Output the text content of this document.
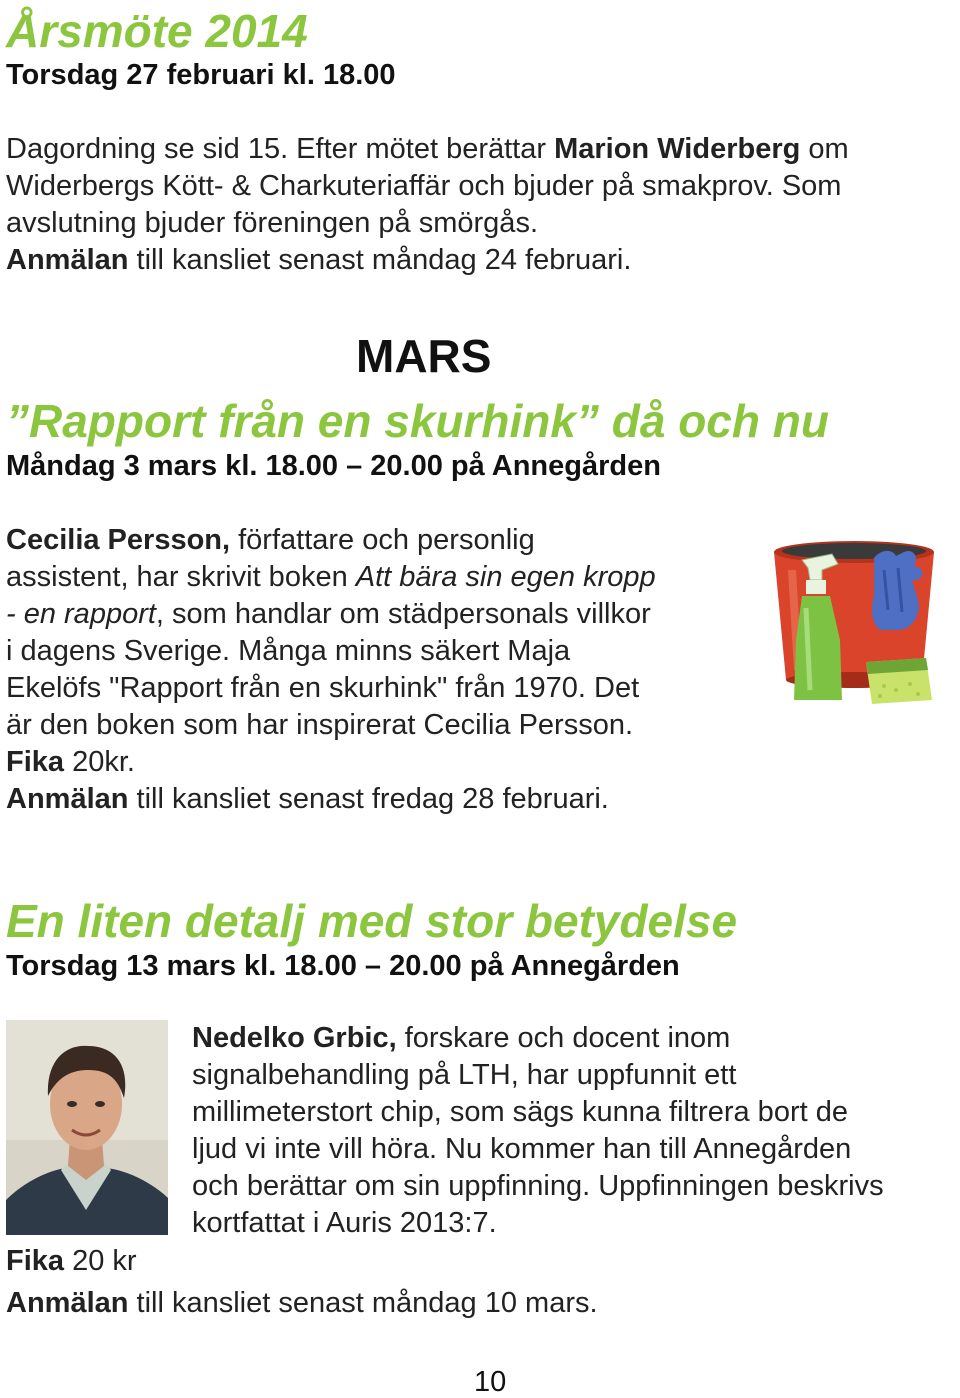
Årsmöte 2014
Torsdag 27 februari kl. 18.00
Dagordning se sid 15. Efter mötet berättar Marion Widerberg om
Widerbergs Kött- & Charkuteriaffär och bjuder på smakprov. Som
avslutning bjuder föreningen på smörgås.
Anmälan till kansliet senast måndag 24 februari.
MARS
”Rapport från en skurhink” då och nu
Måndag 3 mars kl. 18.00 – 20.00 på Annegården
Cecilia Persson, författare och personlig
assistent, har skrivit boken Att bära sin egen kropp
- en rapport, som handlar om städpersonals villkor
i dagens Sverige. Många minns säkert Maja
Ekelöfs "Rapport från en skurhink" från 1970. Det
är den boken som har inspirerat Cecilia Persson.
Fika 20kr.
Anmälan till kansliet senast fredag 28 februari.
En liten detalj med stor betydelse
Torsdag 13 mars kl. 18.00 – 20.00 på Annegården
Nedelko Grbic, forskare och docent inom
signalbehandling på LTH, har uppfunnit ett
millimeterstort chip, som sägs kunna filtrera bort de
ljud vi inte vill höra. Nu kommer han till Annegården
och berättar om sin uppfinning. Uppfinningen beskrivs
kortfattat i Auris 2013:7.
Fika 20 kr
Anmälan till kansliet senast måndag 10 mars.
10
